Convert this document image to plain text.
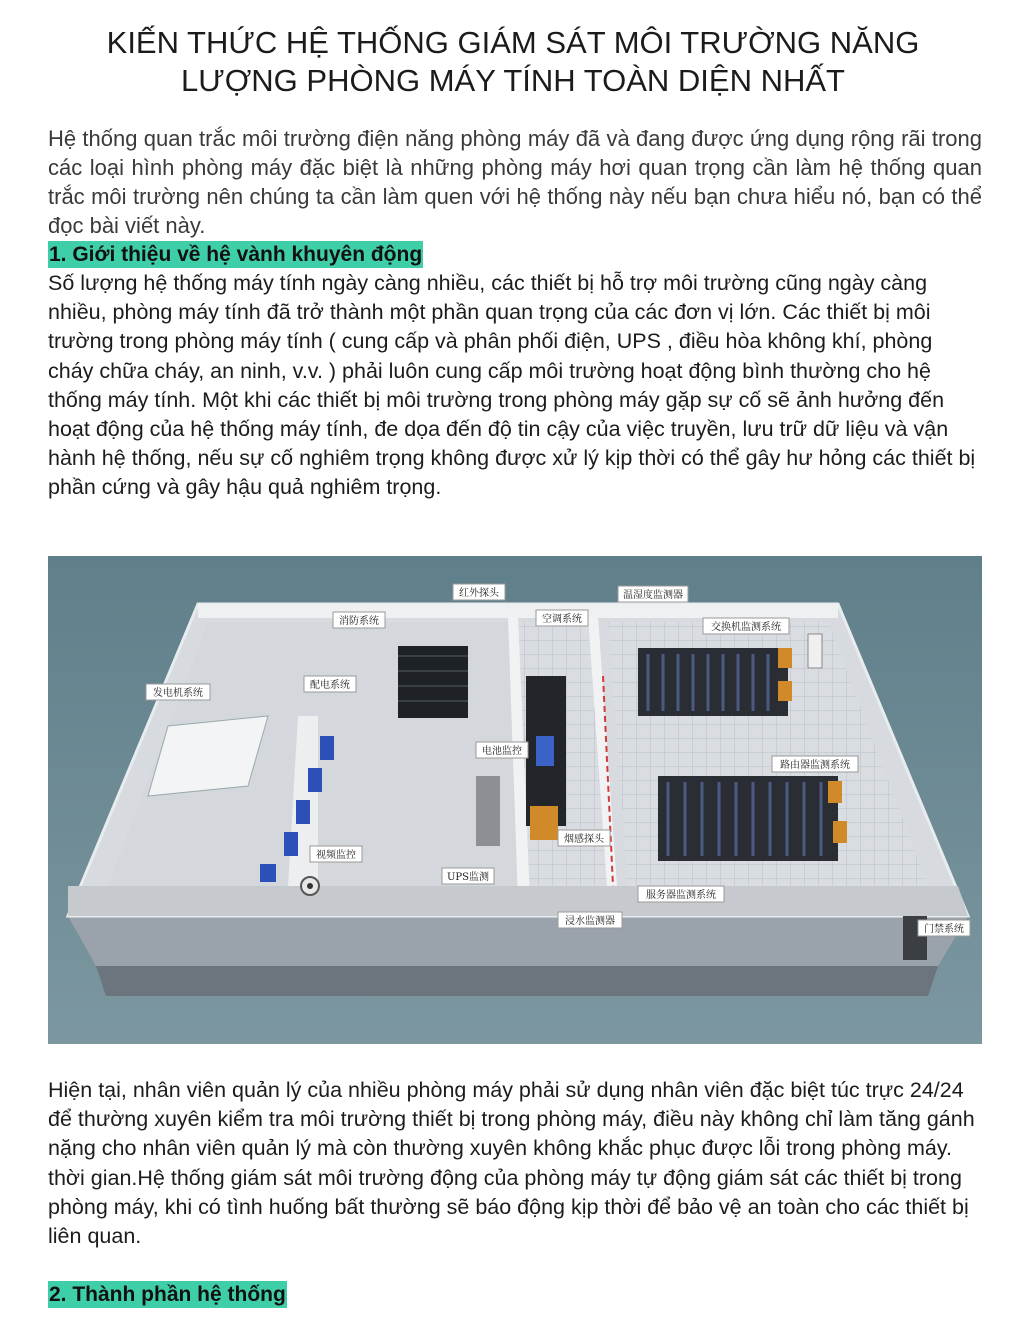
KIẾN THỨC HỆ THỐNG GIÁM SÁT MÔI TRƯỜNG NĂNG
LƯỢNG PHÒNG MÁY TÍNH TOÀN DIỆN NHẤT

Hệ thống quan trắc môi trường điện năng phòng máy đã và đang được ứng dụng rộng rãi trong các loại hình phòng máy đặc biệt là những phòng máy hơi quan trọng cần làm hệ thống quan trắc môi trường nên chúng ta cần làm quen với hệ thống này nếu bạn chưa hiểu nó, bạn có thể đọc bài viết này.

1. Giới thiệu về hệ vành khuyên động

Số lượng hệ thống máy tính ngày càng nhiều, các thiết bị hỗ trợ môi trường cũng ngày càng nhiều, phòng máy tính đã trở thành một phần quan trọng của các đơn vị lớn. Các thiết bị môi trường trong phòng máy tính ( cung cấp và phân phối điện, UPS , điều hòa không khí, phòng cháy chữa cháy, an ninh, v.v. ) phải luôn cung cấp môi trường hoạt động bình thường cho hệ thống máy tính. Một khi các thiết bị môi trường trong phòng máy gặp sự cố sẽ ảnh hưởng đến hoạt động của hệ thống máy tính, đe dọa đến độ tin cậy của việc truyền, lưu trữ dữ liệu và vận hành hệ thống, nếu sự cố nghiêm trọng không được xử lý kịp thời có thể gây hư hỏng các thiết bị phần cứng và gây hậu quả nghiêm trọng.

红外探头
消防系统	空调系统
温湿度监测器
交换机监测系统
发电机系统
配电系统
电池监控
路由器监测系统
视频监控
烟感探头
UPS监测
服务器监测系统
浸水监测器
门禁系统

Hiện tại, nhân viên quản lý của nhiều phòng máy phải sử dụng nhân viên đặc biệt túc trực 24/24 để thường xuyên kiểm tra môi trường thiết bị trong phòng máy, điều này không chỉ làm tăng gánh nặng cho nhân viên quản lý mà còn thường xuyên không khắc phục được lỗi trong phòng máy. thời gian.Hệ thống giám sát môi trường động của phòng máy tự động giám sát các thiết bị trong phòng máy, khi có tình huống bất thường sẽ báo động kịp thời để bảo vệ an toàn cho các thiết bị liên quan.

2. Thành phần hệ thống
